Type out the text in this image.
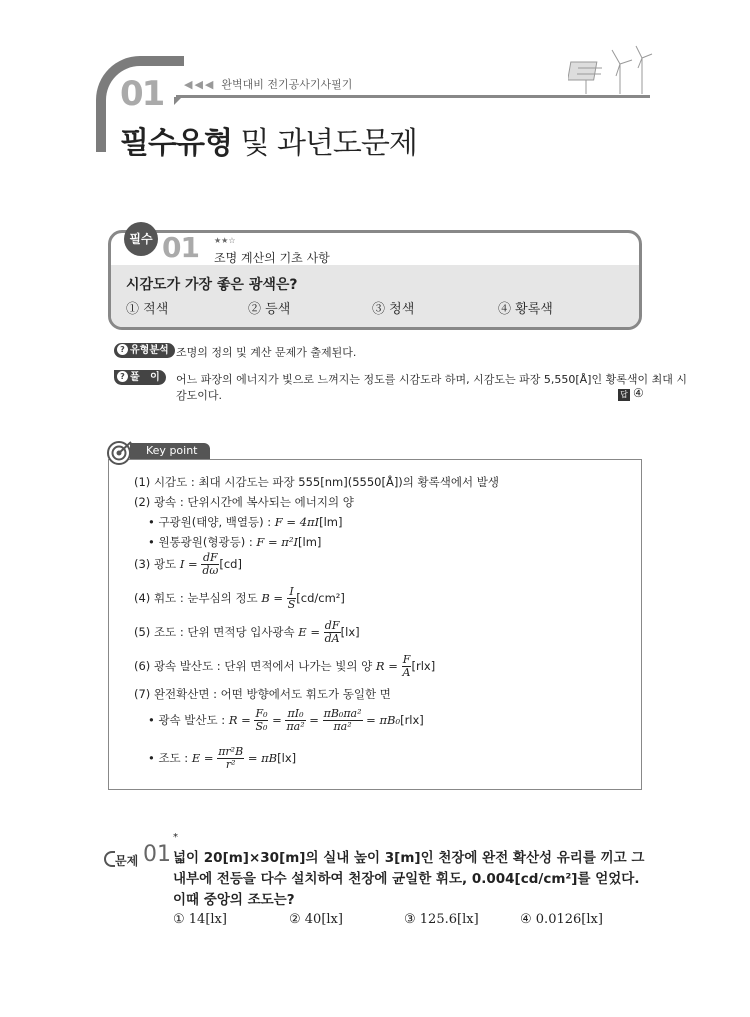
01 ◀◀◀ 완벽대비 전기공사기사필기
필수유형 및 과년도문제
필수 01 ★★☆
조명 계산의 기초 사항
시감도가 가장 좋은 광색은?
① 적색	② 등색	③ 청색	④ 황록색
? 유형분석 조명의 정의 및 계산 문제가 출제된다.
? 풀   이	어느 파장의 에너지가 빛으로 느껴지는 정도를 시감도라 하며, 시감도는 파장 5,550[Å]인 황록색이 최대 시
감도이다.	답 ④
Key point
(1) 시감도 : 최대 시감도는 파장 555[nm](5550[Å])의 황록색에서 발생
(2) 광속 : 단위시간에 복사되는 에너지의 양
• 구광원(태양, 백열등) : F = 4πI[lm]
• 원통광원(형광등) : F = π²I[lm]
(3) 광도 $I = \frac{dF}{d\omega} [cd]$
(4) 휘도 : 눈부심의 정도 $B = \frac{I}{S} [cd/cm^2]$
(5) 조도 : 단위 면적당 입사광속 $E = \frac{dF}{dA} [lx]$
(6) 광속 발산도 : 단위 면적에서 나가는 빛의 양 $R = \frac{F}{A} [rlx]$
(7) 완전확산면 : 어떤 방향에서도 휘도가 동일한 면
• 광속 발산도 : $R = \frac{\text{F₀}}{\text{S₀}} = \frac{\text{πI₀}}{\text{πa²}} = \frac{\text{πB₀πa²}}{\text{πa²}} = \pi B_0[rlx]$
• 조도 : $E = \frac{\text{πr²B}}{\text{r²}} = \pi B[lx]$
문제 01
*
넓이 20[m]×30[m]의 실내 높이 3[m]인 천장에 완전 확산성 유리를 끼고 그 내부에 전등을 다수 설치하여 천장에 균일한 휘도, 0.004[cd/cm²]를 얻었다. 이때 중앙의 조도는?
① 14[lx]	② 40[lx]	③ 125.6[lx]	④ 0.0126[lx]
